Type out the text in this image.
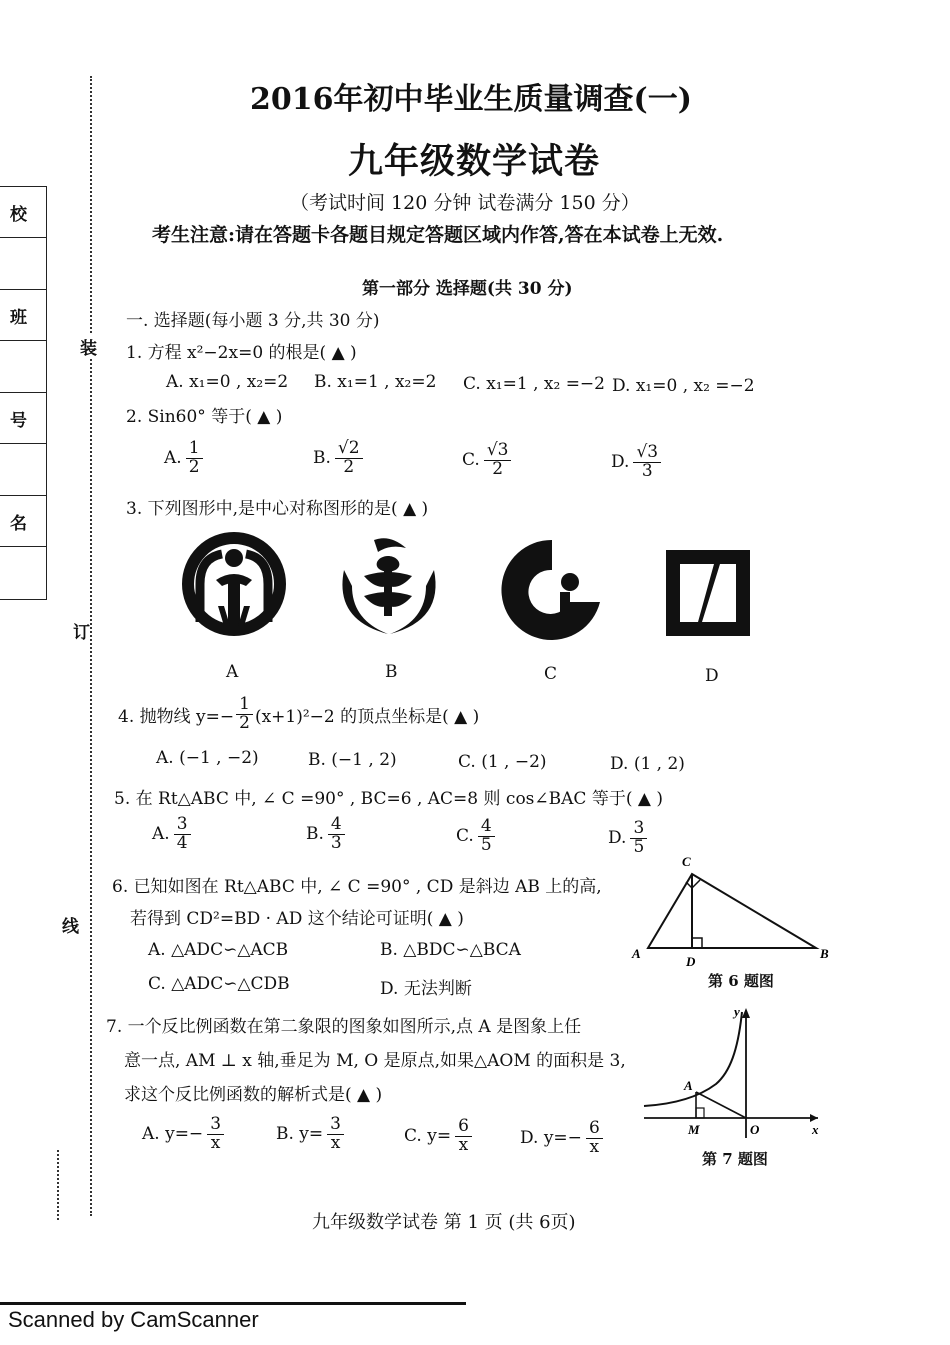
校
班
号
名
装
订
线
2016年初中毕业生质量调查(一)
九年级数学试卷
（考试时间 120 分钟 试卷满分 150 分）
考生注意:请在答题卡各题目规定答题区域内作答,答在本试卷上无效.
第一部分 选择题(共 30 分)
一. 选择题(每小题 3 分,共 30 分)
1. 方程 x²−2x=0 的根是( ▲ )
A. x₁=0 , x₂=2 B. x₁=1 , x₂=2 C. x₁=1 , x₂ =−2 D. x₁=0 , x₂ =−2
2. Sin60° 等于( ▲ )
A. $\frac{1}{2}$	B. $\frac{√2}{2}$	C. $\frac{√3}{2}$	D. $\frac{√3}{3}$
3. 下列图形中,是中心对称图形的是( ▲ )
A	B	C	D
4. 抛物线 $y=- \frac{1}{2} (x+1)^2-2$ 的顶点坐标是( ▲ )
A. (−1 , −2)	B. (−1 , 2)	C. (1 , −2)	D. (1 , 2)
5. 在 Rt△ABC 中, ∠ C =90° , BC=6 , AC=8 则 cos∠BAC 等于( ▲ )
A. $\frac{3}{4}$	B. $\frac{4}{3}$	C. $\frac{4}{5}$	D. $\frac{3}{5}$
6. 已知如图在 Rt△ABC 中, ∠ C =90° , CD 是斜边 AB 上的高,
若得到 CD²=BD · AD 这个结论可证明( ▲ )
A. △ADC∽△ACB	B. △BDC∽△BCA
C. △ADC∽△CDB	D. 无法判断
C
A
D
B
第 6 题图
7. 一个反比例函数在第二象限的图象如图所示,点 A 是图象上任
意一点, AM ⊥ x 轴,垂足为 M, O 是原点,如果△AOM 的面积是 3,
求这个反比例函数的解析式是( ▲ )
A. $y=- \frac{3}{x}$	B. $y= \frac{3}{x}$	C. $y= \frac{6}{x}$	D. $y=- \frac{6}{x}$
A
M	O	x
y
第 7 题图
九年级数学试卷 第 1 页 (共 6页)
Scanned by CamScanner
